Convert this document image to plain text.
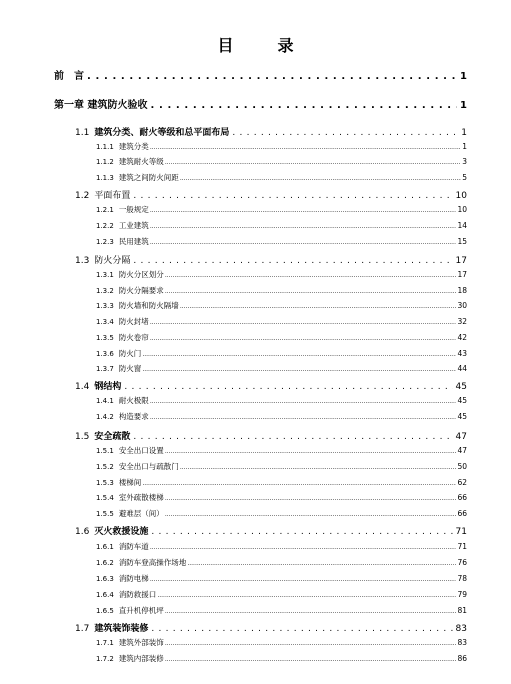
目　录
前　言 . . .	1
第一章 建筑防火验收 . . .	1
1.1 建筑分类、耐火等级和总平面布局 . . .	1
1.1.1 建筑分类 .....	1
1.1.2 建筑耐火等级 .....	3
1.1.3 建筑之间防火间距 .....	5
1.2 平面布置 . . .	10
1.2.1 一般规定 .....	10
1.2.2 工业建筑 .....	14
1.2.3 民用建筑 .....	15
1.3 防火分隔 . . .	17
1.3.1 防火分区划分 .....	17
1.3.2 防火分隔要求 .....	18
1.3.3 防火墙和防火隔墙 .....	30
1.3.4 防火封堵 .....	32
1.3.5 防火卷帘 .....	42
1.3.6 防火门 .....	43
1.3.7 防火窗 .....	44
1.4 钢结构 . . .	45
1.4.1 耐火极限 .....	45
1.4.2 构造要求 .....	45
1.5 安全疏散 . . .	47
1.5.1 安全出口设置 .....	47
1.5.2 安全出口与疏散门 .....	50
1.5.3 楼梯间 .....	62
1.5.4 室外疏散楼梯 .....	66
1.5.5 避难层（间） .....	66
1.6 灭火救援设施 . . .	71
1.6.1 消防车道 .....	71
1.6.2 消防车登高操作场地 .....	76
1.6.3 消防电梯 .....	78
1.6.4 消防救援口 .....	79
1.6.5 直升机停机坪 .....	81
1.7 建筑装饰装修 . . .	83
1.7.1 建筑外部装饰 .....	83
1.7.2 建筑内部装修 .....	86
